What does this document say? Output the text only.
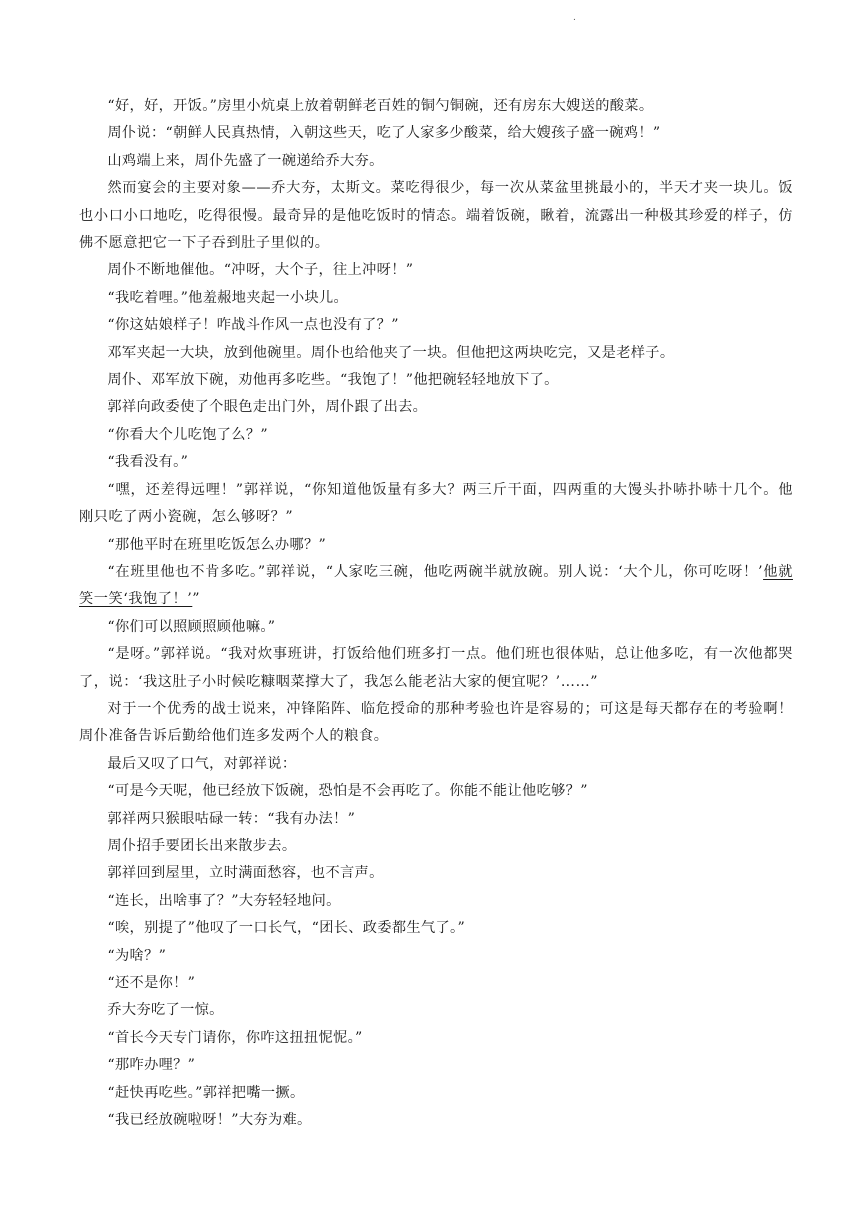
.

“好，好，开饭。”房里小炕桌上放着朝鲜老百姓的铜勺铜碗，还有房东大嫂送的酸菜。

周仆说：“朝鲜人民真热情，入朝这些天，吃了人家多少酸菜，给大嫂孩子盛一碗鸡！”

山鸡端上来，周仆先盛了一碗递给乔大夯。

然而宴会的主要对象——乔大夯，太斯文。菜吃得很少，每一次从菜盆里挑最小的，半天才夹一块儿。饭也小口小口地吃，吃得很慢。最奇异的是他吃饭时的情态。端着饭碗，瞅着，流露出一种极其珍爱的样子，仿佛不愿意把它一下子吞到肚子里似的。

周仆不断地催他。“冲呀，大个子，往上冲呀！”

“我吃着哩。”他羞赧地夹起一小块儿。

“你这姑娘样子！咋战斗作风一点也没有了？”

邓军夹起一大块，放到他碗里。周仆也给他夹了一块。但他把这两块吃完，又是老样子。

周仆、邓军放下碗，劝他再多吃些。“我饱了！”他把碗轻轻地放下了。

郭祥向政委使了个眼色走出门外，周仆跟了出去。

“你看大个儿吃饱了么？”

“我看没有。”

“嘿，还差得远哩！”郭祥说，“你知道他饭量有多大？两三斤干面，四两重的大馒头扑哧扑哧十几个。他刚只吃了两小瓷碗，怎么够呀？”

“那他平时在班里吃饭怎么办哪？”

“在班里他也不肯多吃。”郭祥说，“人家吃三碗，他吃两碗半就放碗。别人说：‘大个儿，你可吃呀！’他就笑一笑‘我饱了！’”

“你们可以照顾照顾他嘛。”

“是呀。”郭祥说。“我对炊事班讲，打饭给他们班多打一点。他们班也很体贴，总让他多吃，有一次他都哭了，说：‘我这肚子小时候吃糠咽菜撑大了，我怎么能老沾大家的便宜呢？’……”

对于一个优秀的战士说来，冲锋陷阵、临危授命的那种考验也许是容易的；可这是每天都存在的考验啊！周仆准备告诉后勤给他们连多发两个人的粮食。

最后又叹了口气，对郭祥说：

“可是今天呢，他已经放下饭碗，恐怕是不会再吃了。你能不能让他吃够？”

郭祥两只猴眼咕碌一转：“我有办法！”

周仆招手要团长出来散步去。

郭祥回到屋里，立时满面愁容，也不言声。

“连长，出啥事了？”大夯轻轻地问。

“唉，别提了”他叹了一口长气，“团长、政委都生气了。”

“为啥？”

“还不是你！”

乔大夯吃了一惊。

“首长今天专门请你，你咋这扭扭怩怩。”

“那咋办哩？”

“赶快再吃些。”郭祥把嘴一撅。

“我已经放碗啦呀！”大夯为难。
